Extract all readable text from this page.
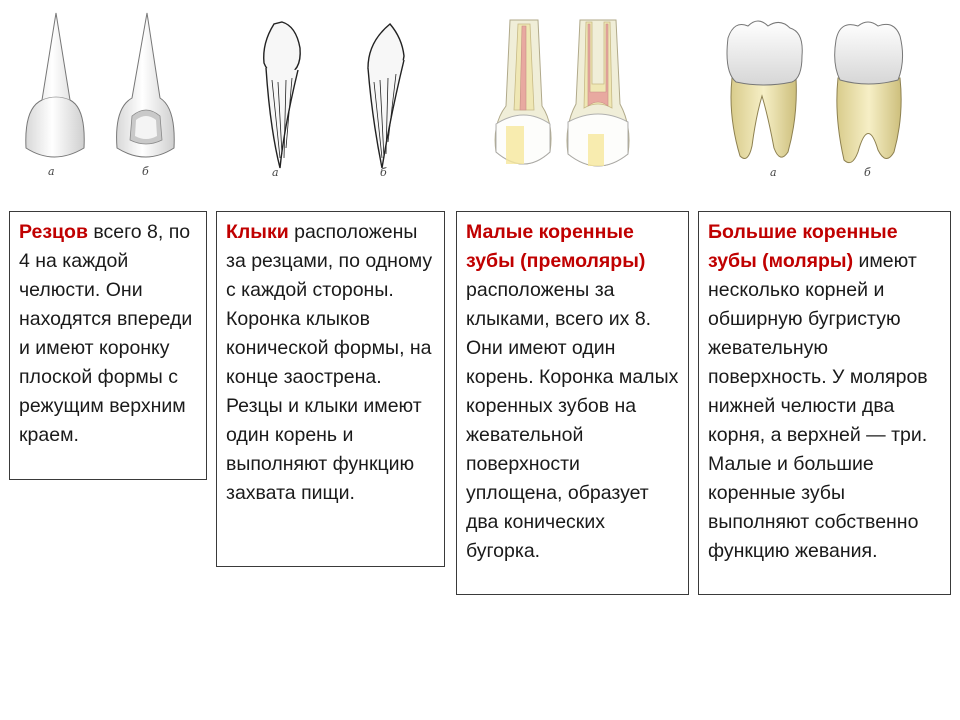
а	б	а	б	а	б
Резцов всего 8, по 4 на каждой челюсти. Они находятся впереди и имеют коронку плоской формы с режущим верхним краем.
Клыки расположены за резцами, по одному с каждой стороны. Коронка клыков конической формы, на конце заострена. Резцы и клыки имеют один корень и выполняют функцию захвата пищи.
Малые коренные зубы (премоляры) расположены за клыками, всего их 8. Они имеют один корень. Коронка малых коренных зубов на жевательной поверхности уплощена, образует два конических бугорка.
Большие коренные зубы (моляры) имеют несколько корней и обширную бугристую жевательную поверхность. У моляров нижней челюсти два корня, а верхней — три. Малые и большие коренные зубы выполняют собственно функцию жевания.
